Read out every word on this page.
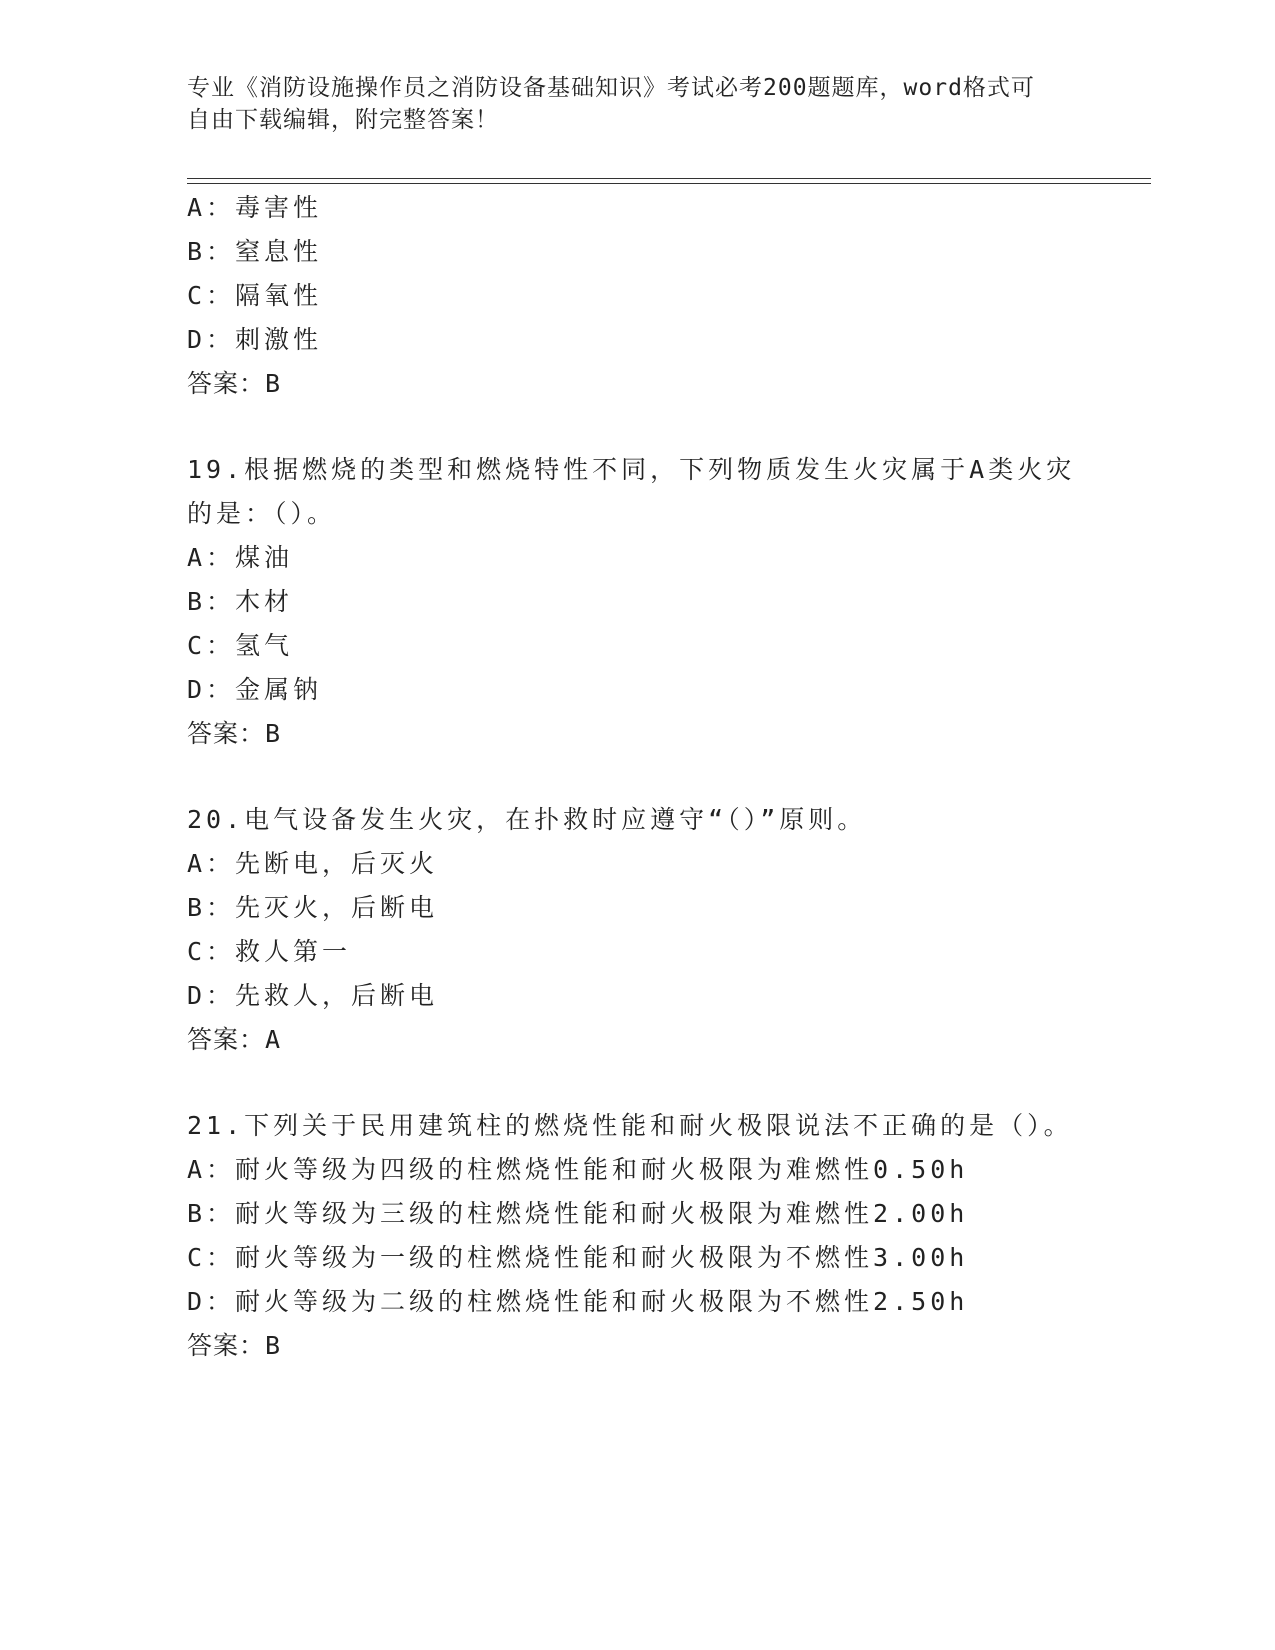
专业《消防设施操作员之消防设备基础知识》考试必考200题题库，word格式可
自由下载编辑，附完整答案！
A：毒害性
B：窒息性
C：隔氧性
D：刺激性
答案：B
19.根据燃烧的类型和燃烧特性不同，下列物质发生火灾属于A类火灾
的是：（）。
A：煤油
B：木材
C：氢气
D：金属钠
答案：B
20.电气设备发生火灾，在扑救时应遵守“（）”原则。
A：先断电，后灭火
B：先灭火，后断电
C：救人第一
D：先救人，后断电
答案：A
21.下列关于民用建筑柱的燃烧性能和耐火极限说法不正确的是（）。
A：耐火等级为四级的柱燃烧性能和耐火极限为难燃性0.50h
B：耐火等级为三级的柱燃烧性能和耐火极限为难燃性2.00h
C：耐火等级为一级的柱燃烧性能和耐火极限为不燃性3.00h
D：耐火等级为二级的柱燃烧性能和耐火极限为不燃性2.50h
答案：B
